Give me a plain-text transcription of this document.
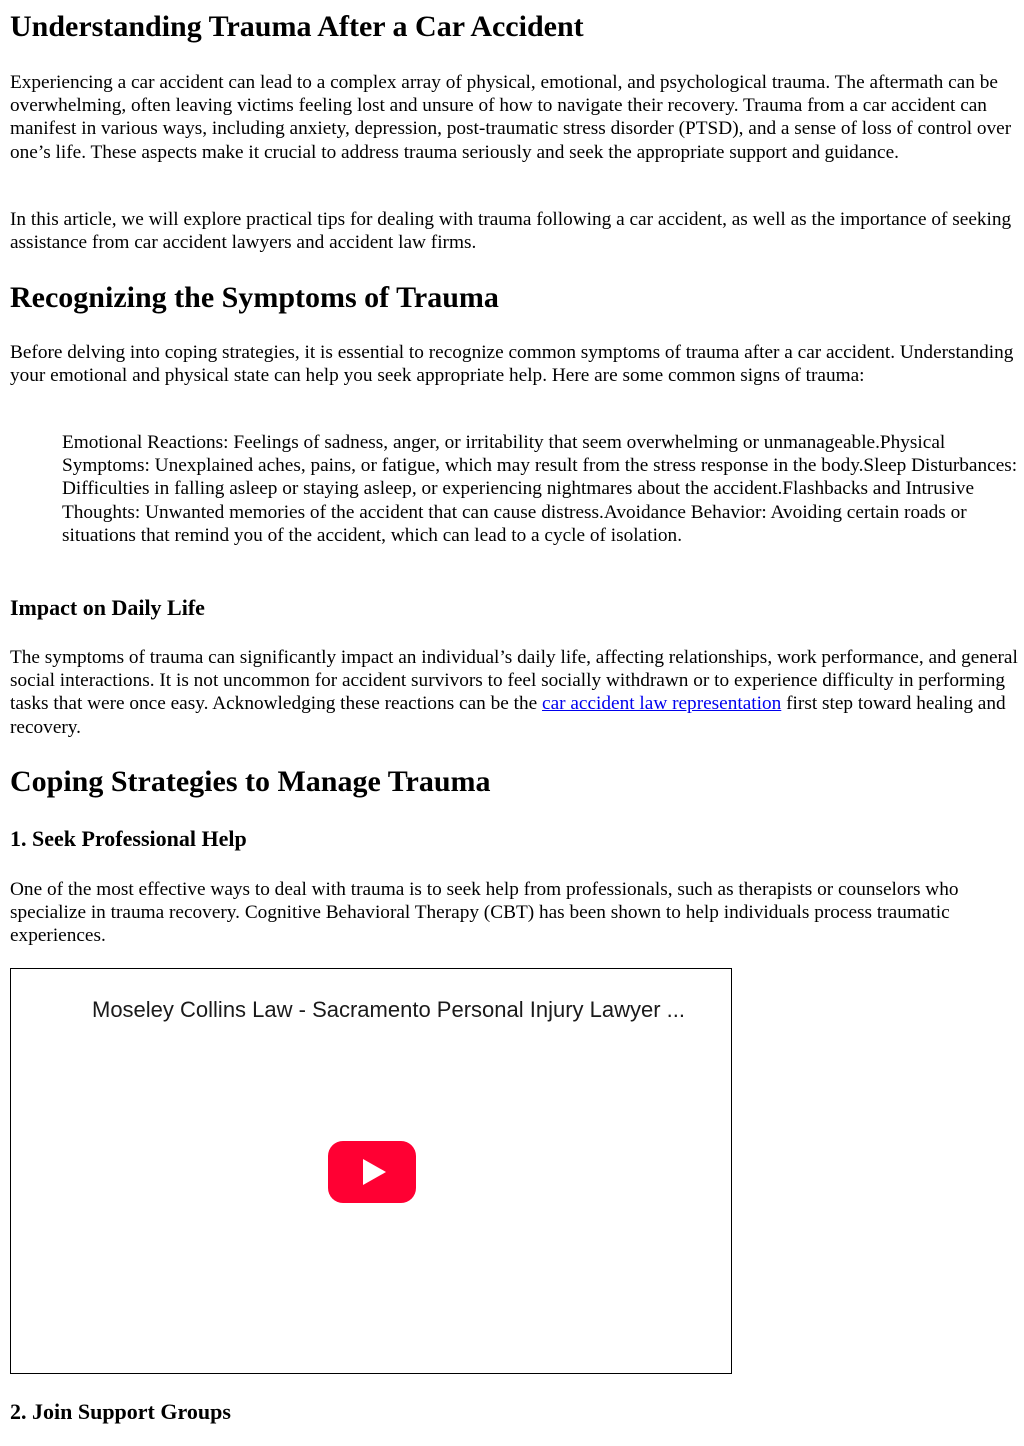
Understanding Trauma After a Car Accident

Experiencing a car accident can lead to a complex array of physical, emotional, and psychological trauma. The aftermath can be overwhelming, often leaving victims feeling lost and unsure of how to navigate their recovery. Trauma from a car accident can manifest in various ways, including anxiety, depression, post-traumatic stress disorder (PTSD), and a sense of loss of control over one’s life. These aspects make it crucial to address trauma seriously and seek the appropriate support and guidance.

In this article, we will explore practical tips for dealing with trauma following a car accident, as well as the importance of seeking assistance from car accident lawyers and accident law firms.

Recognizing the Symptoms of Trauma

Before delving into coping strategies, it is essential to recognize common symptoms of trauma after a car accident. Understanding your emotional and physical state can help you seek appropriate help. Here are some common signs of trauma:

Emotional Reactions: Feelings of sadness, anger, or irritability that seem overwhelming or unmanageable.Physical Symptoms: Unexplained aches, pains, or fatigue, which may result from the stress response in the body.Sleep Disturbances: Difficulties in falling asleep or staying asleep, or experiencing nightmares about the accident.Flashbacks and Intrusive Thoughts: Unwanted memories of the accident that can cause distress.Avoidance Behavior: Avoiding certain roads or situations that remind you of the accident, which can lead to a cycle of isolation.

Impact on Daily Life

The symptoms of trauma can significantly impact an individual’s daily life, affecting relationships, work performance, and general social interactions. It is not uncommon for accident survivors to feel socially withdrawn or to experience difficulty in performing tasks that were once easy. Acknowledging these reactions can be the car accident law representation first step toward healing and recovery.

Coping Strategies to Manage Trauma
1. Seek Professional Help

One of the most effective ways to deal with trauma is to seek help from professionals, such as therapists or counselors who specialize in trauma recovery. Cognitive Behavioral Therapy (CBT) has been shown to help individuals process traumatic experiences.

Moseley Collins Law - Sacramento Personal Injury Lawyer ...
2. Join Support Groups
